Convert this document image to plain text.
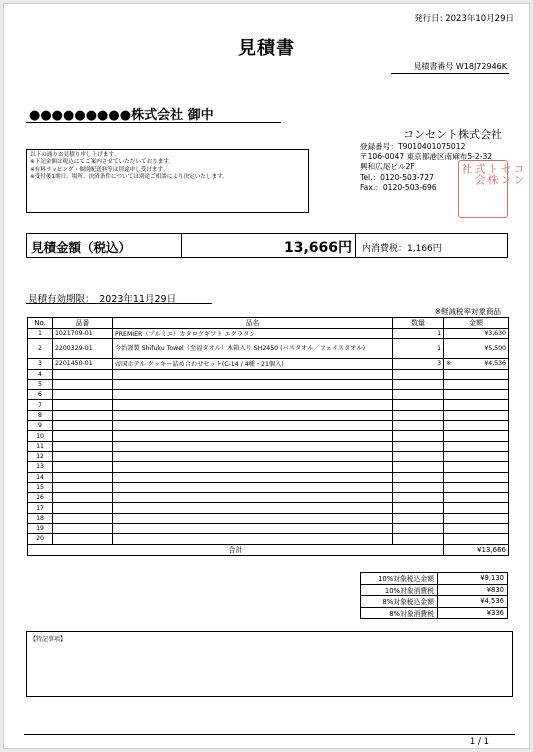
発行日: 2023年10月29日
見積書
見積書番号 W18J72946K
●●●●●●●●●株式会社 御中
以下の通りお見積り申し上げます。
※下記金額は税込にてご案内させていただいております。
※有料ラッピング・個別配送料等は別途申し受けます。
※受付後1期日、場所、決済条件については別途ご相談により決定いたします。
コンセント株式会社
登録番号：T9010401075012
〒106-0047 東京都港区南麻布5-2-32
興和広尾ビル2F
Tel.：0120-503-727
Fax.：0120-503-696
コン
セン
ト株
式会
社
見積金額（税込）	13,666円	内消費税：1,166円
見積有効期限：　2023年11月29日
※軽減税率対象商品
No.	品番	品名	数量	金額
1	1021709-01	PREMIER（プルミエ）カタログギフト エクラタン	1	¥3,630
2	2200329-01	今治謹製 Shifuku Towel（至福タオル）木箱入り SH2450 (バスタオル／フェイスタオル)	1	¥5,500
3	2201450-01	帝国ホテル クッキー詰め合わせセット(C-14 / 4種・21個入)	3	※ ¥4,536
4				
5				
6				
7				
8				
9				
10				
11				
12				
13				
14				
15				
16				
17				
18				
19				
20				
合計				¥13,666
10%対象税込金額	¥9,130
10%対象消費税	¥830
8%対象税込金額	¥4,536
8%対象消費税	¥336
【特記事項】
1 / 1
